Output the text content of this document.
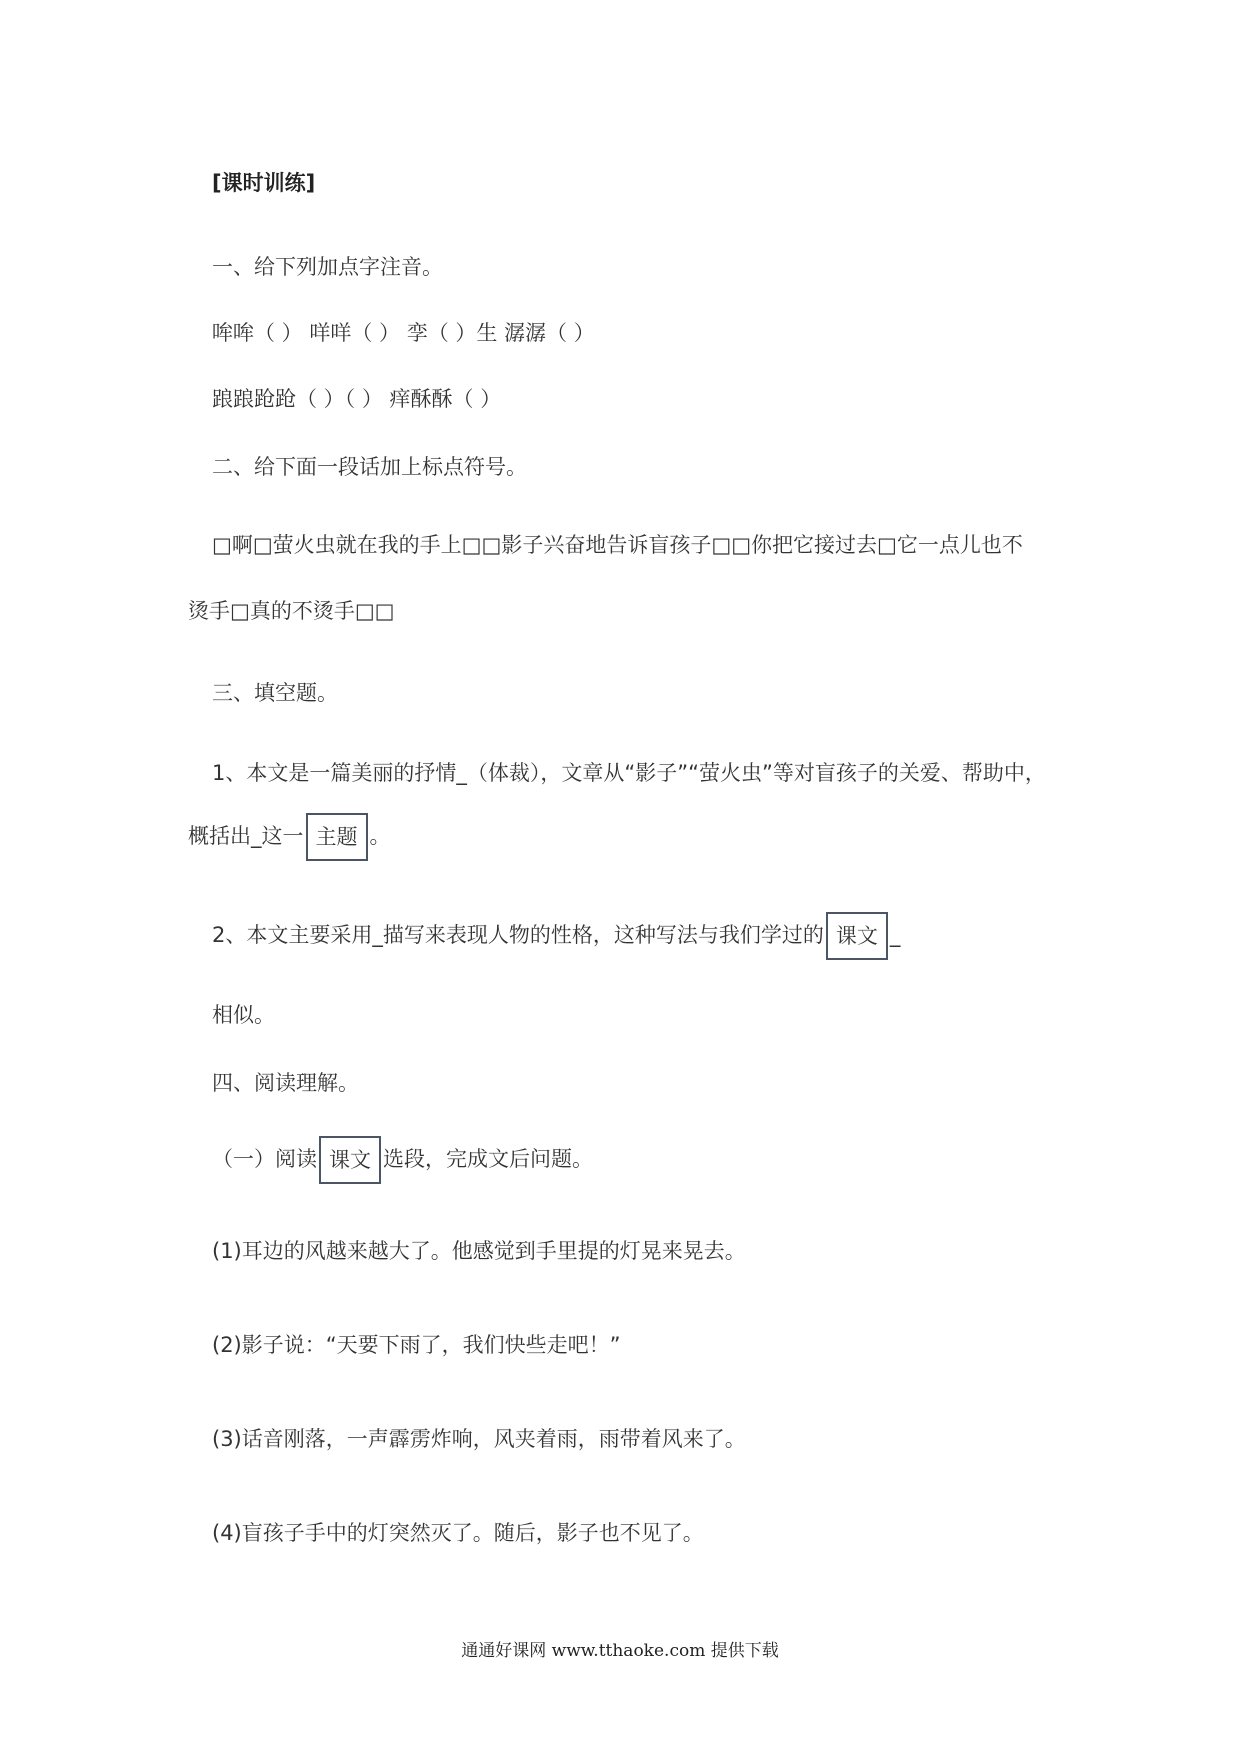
[课时训练]
一、给下列加点字注音。
哞哞（ ） 咩咩（ ） 孪（ ）生 潺潺（ ）
踉踉跄跄（ ）（ ） 痒酥酥（ ）
二、给下面一段话加上标点符号。
□啊□萤火虫就在我的手上□□影子兴奋地告诉盲孩子□□你把它接过去□它一点儿也不
烫手□真的不烫手□□
三、填空题。
1、本文是一篇美丽的抒情_（体裁），文章从“影子”“萤火虫”等对盲孩子的关爱、帮助中，
概括出_这一 主题 。
2、本文主要采用_描写来表现人物的性格，这种写法与我们学过的 课文 _
相似。
四、阅读理解。
（一）阅读 课文 选段，完成文后问题。
(1)耳边的风越来越大了。他感觉到手里提的灯晃来晃去。
(2)影子说：“天要下雨了，我们快些走吧！”
(3)话音刚落，一声霹雳炸响，风夹着雨，雨带着风来了。
(4)盲孩子手中的灯突然灭了。随后，影子也不见了。
通通好课网 www.tthaoke.com 提供下载
